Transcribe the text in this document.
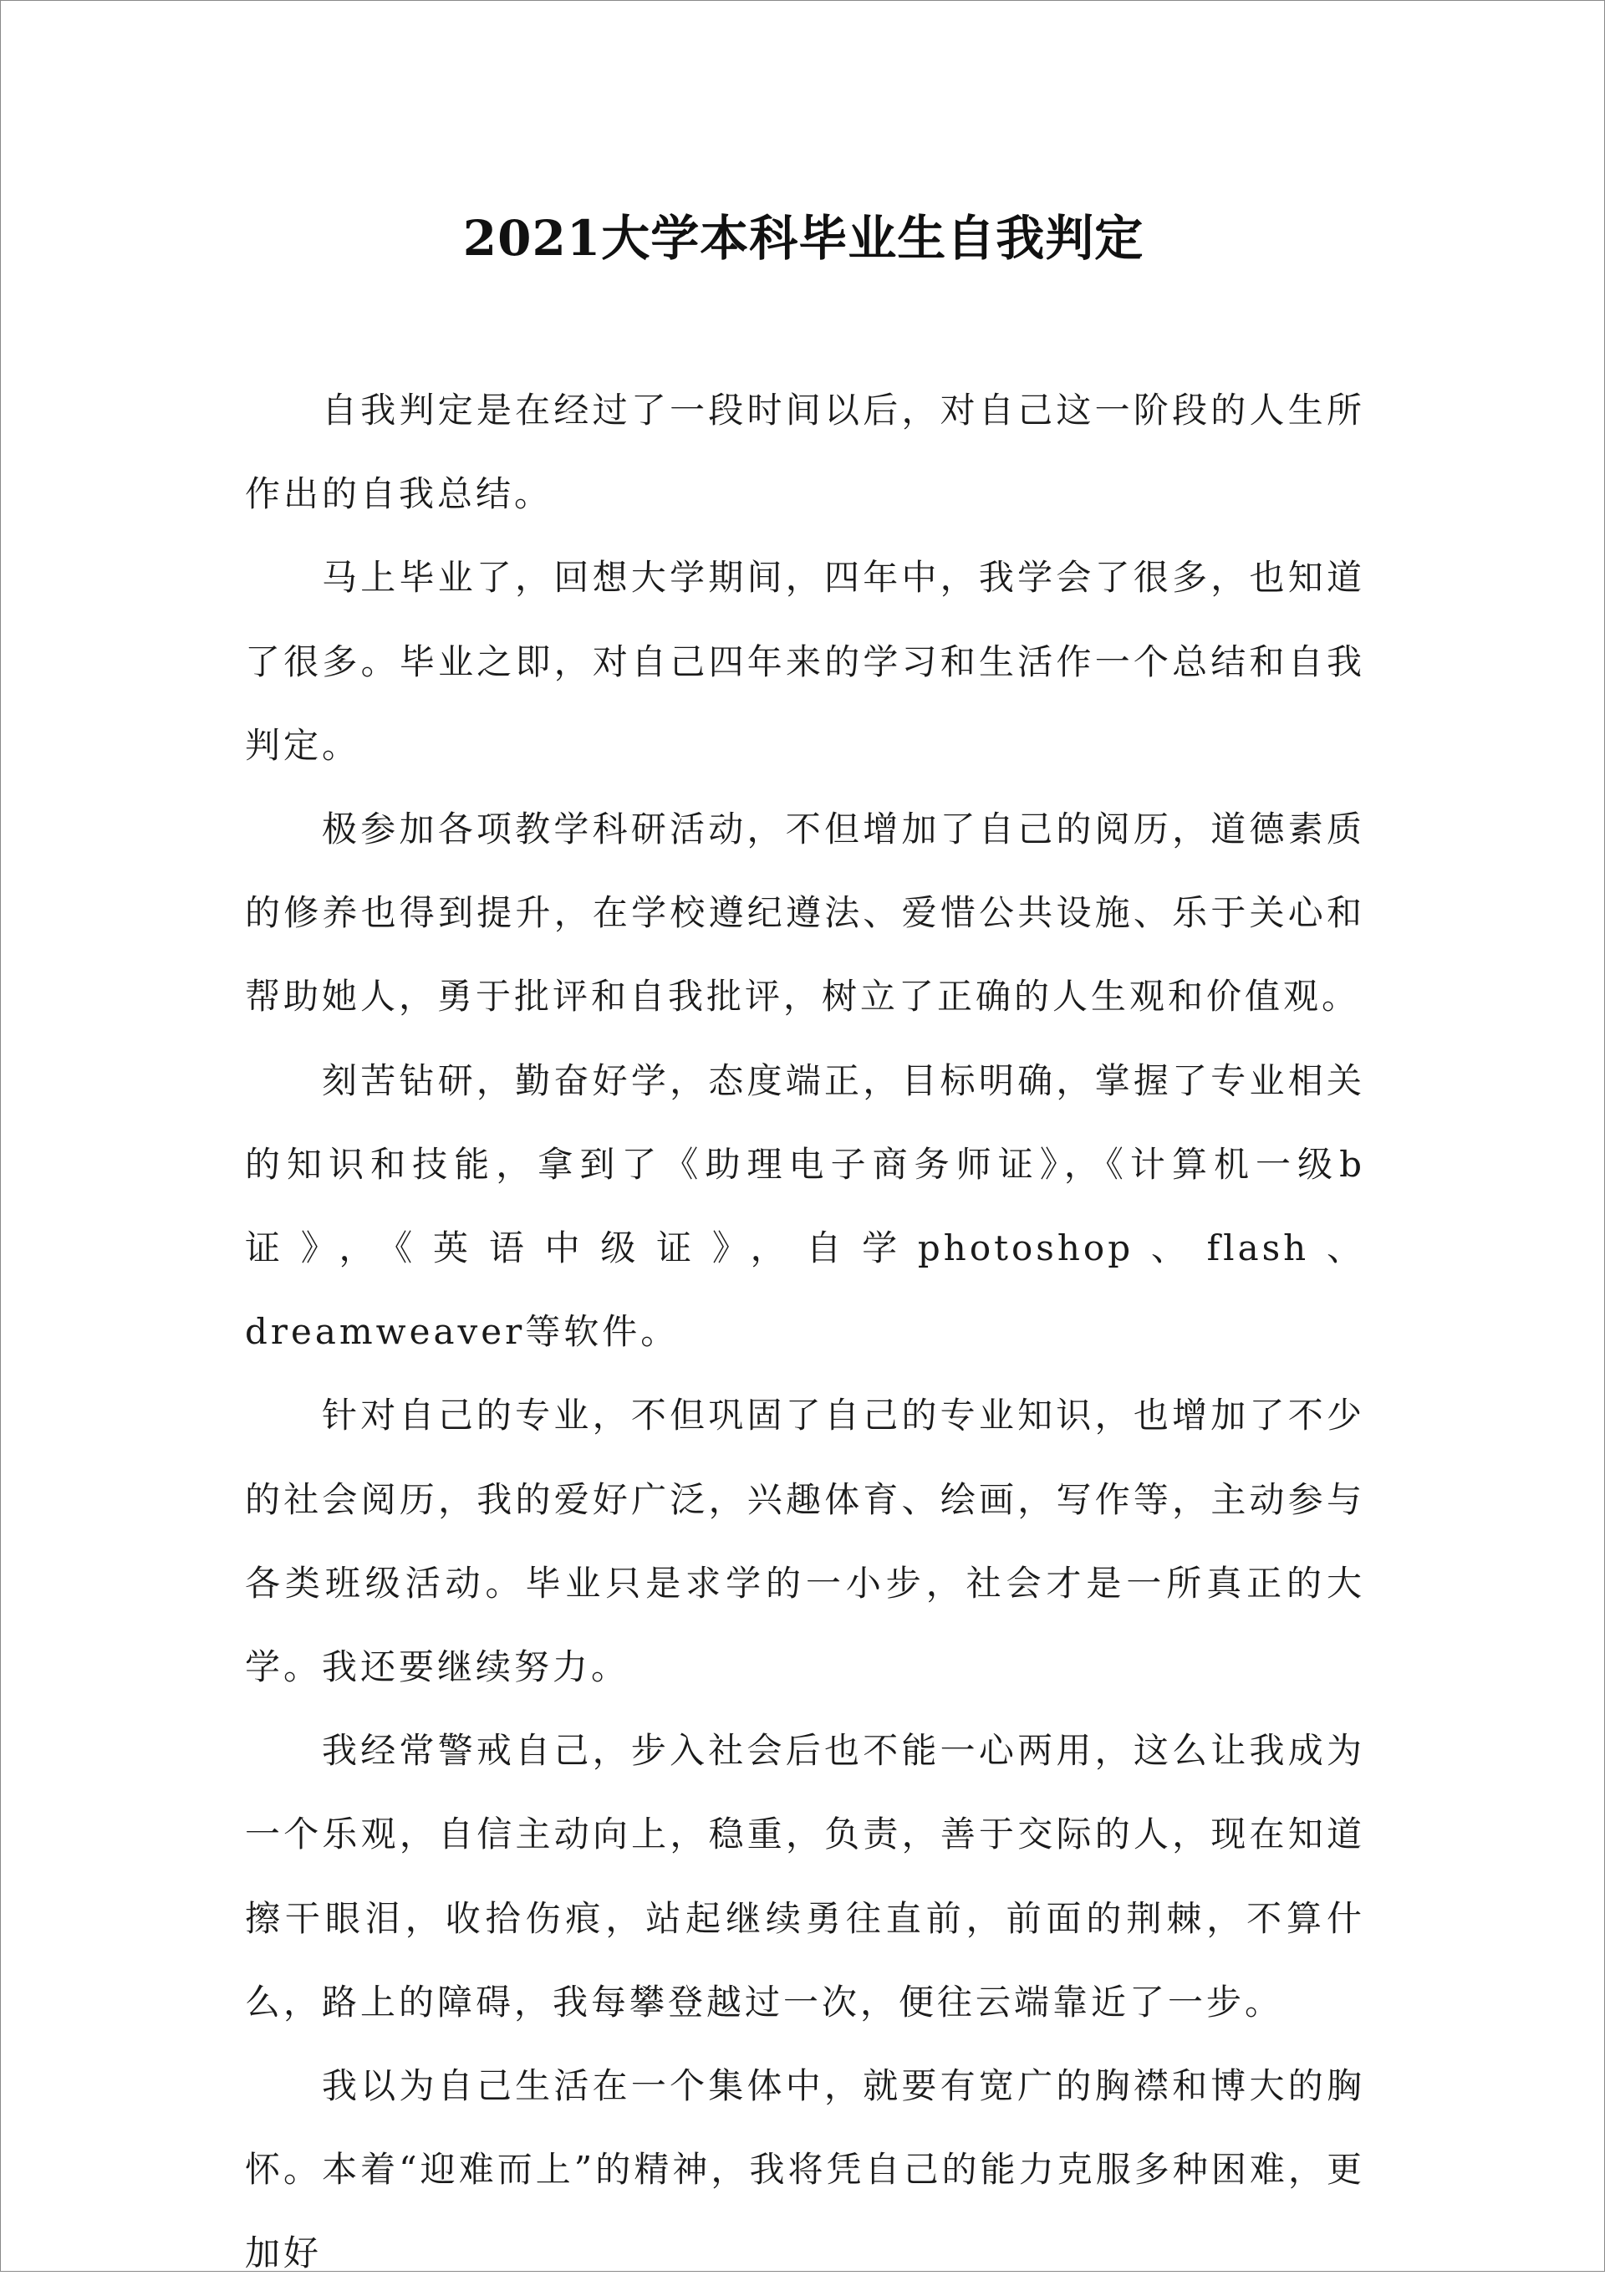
2021大学本科毕业生自我判定

自我判定是在经过了一段时间以后，对自己这一阶段的人生所作出的自我总结。

马上毕业了，回想大学期间，四年中，我学会了很多，也知道了很多。毕业之即，对自己四年来的学习和生活作一个总结和自我判定。

极参加各项教学科研活动，不但增加了自己的阅历，道德素质的修养也得到提升，在学校遵纪遵法、爱惜公共设施、乐于关心和帮助她人，勇于批评和自我批评，树立了正确的人生观和价值观。

刻苦钻研，勤奋好学，态度端正，目标明确，掌握了专业相关的知识和技能，拿到了《助理电子商务师证》，《计算机一级b证》，《英语中级证》，自学photoshop、flash、dreamweaver等软件。

针对自己的专业，不但巩固了自己的专业知识，也增加了不少的社会阅历，我的爱好广泛，兴趣体育、绘画，写作等，主动参与各类班级活动。毕业只是求学的一小步，社会才是一所真正的大学。我还要继续努力。

我经常警戒自己，步入社会后也不能一心两用，这么让我成为一个乐观，自信主动向上，稳重，负责，善于交际的人，现在知道擦干眼泪，收拾伤痕，站起继续勇往直前，前面的荆棘，不算什么，路上的障碍，我每攀登越过一次，便往云端靠近了一步。

我以为自己生活在一个集体中，就要有宽广的胸襟和博大的胸怀。本着“迎难而上”的精神，我将凭自己的能力克服多种困难，更加好
